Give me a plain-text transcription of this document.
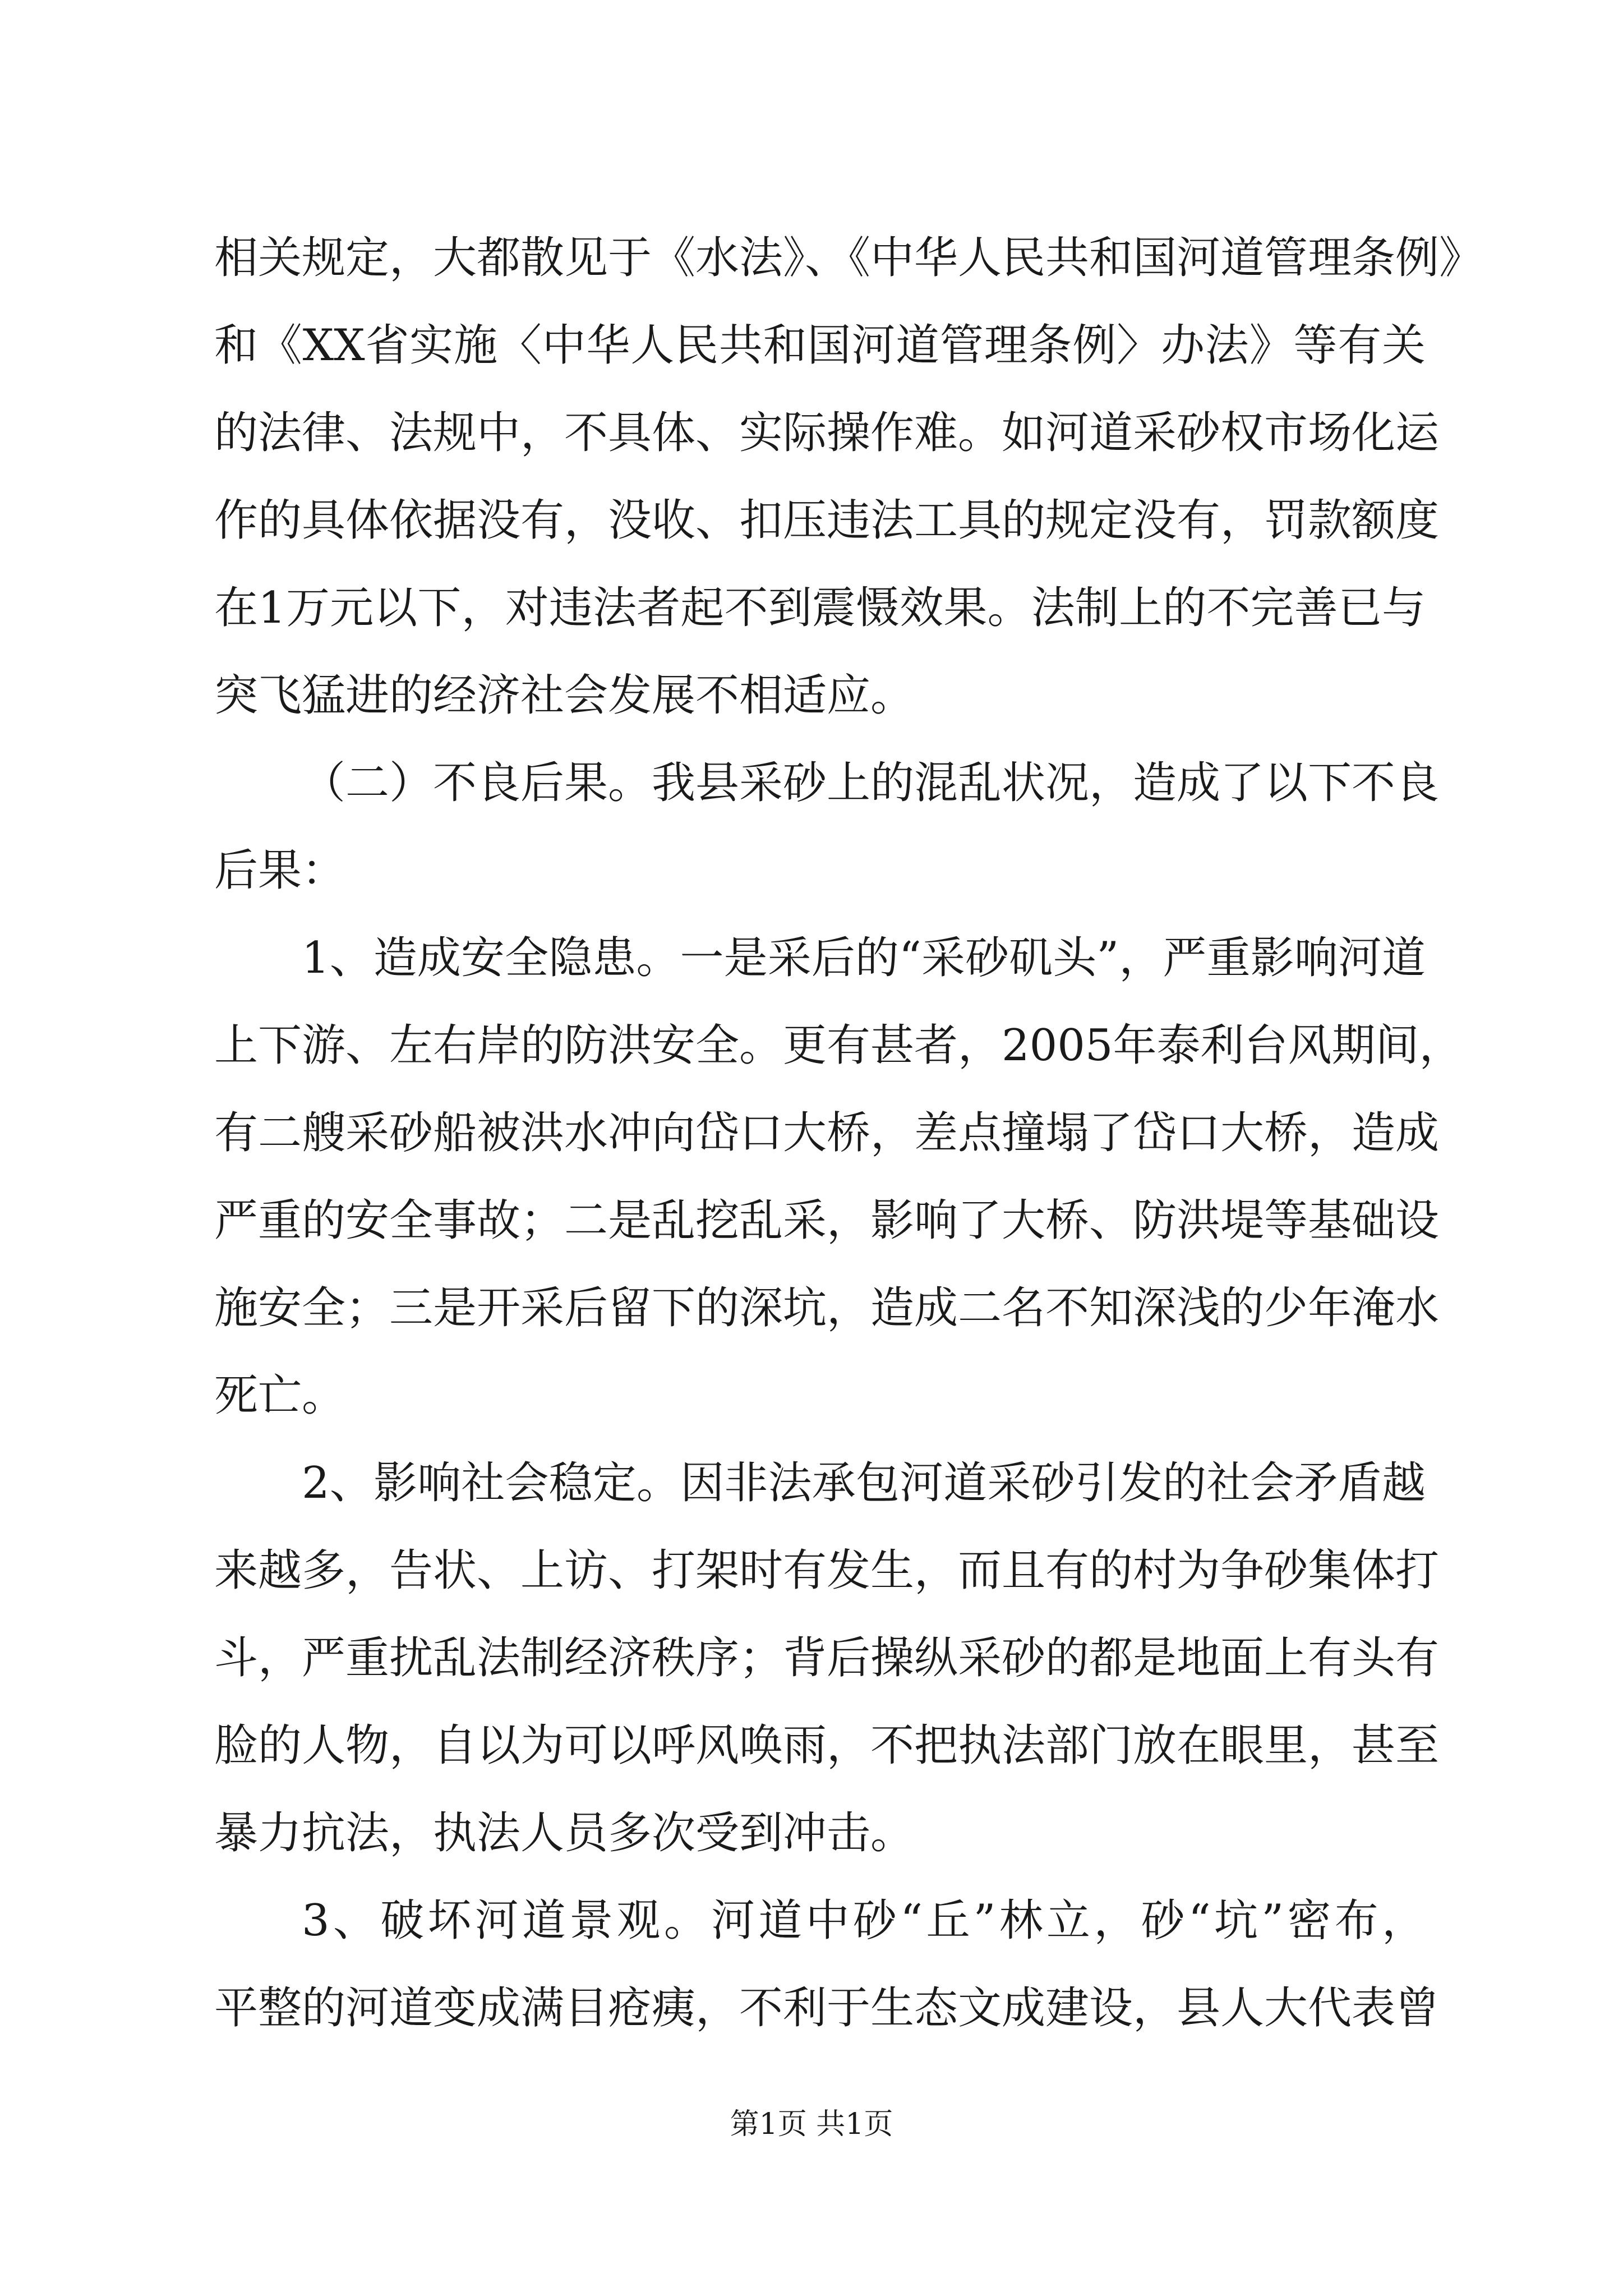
相关规定，大都散见于《水法》、《中华人民共和国河道管理条例》
和《XX省实施〈中华人民共和国河道管理条例〉办法》等有关
的法律、法规中，不具体、实际操作难。如河道采砂权市场化运
作的具体依据没有，没收、扣压违法工具的规定没有，罚款额度
在1万元以下，对违法者起不到震慑效果。法制上的不完善已与
突飞猛进的经济社会发展不相适应。
（二）不良后果。我县采砂上的混乱状况，造成了以下不良
后果：
1、造成安全隐患。一是采后的“采砂矶头”，严重影响河道
上下游、左右岸的防洪安全。更有甚者，2005年泰利台风期间，
有二艘采砂船被洪水冲向岱口大桥，差点撞塌了岱口大桥，造成
严重的安全事故；二是乱挖乱采，影响了大桥、防洪堤等基础设
施安全；三是开采后留下的深坑，造成二名不知深浅的少年淹水
死亡。
2、影响社会稳定。因非法承包河道采砂引发的社会矛盾越
来越多，告状、上访、打架时有发生，而且有的村为争砂集体打
斗，严重扰乱法制经济秩序；背后操纵采砂的都是地面上有头有
脸的人物，自以为可以呼风唤雨，不把执法部门放在眼里，甚至
暴力抗法，执法人员多次受到冲击。
3、破坏河道景观。河道中砂“丘”林立，砂“坑”密布，
平整的河道变成满目疮痍，不利于生态文成建设，县人大代表曾
第1页 共1页
